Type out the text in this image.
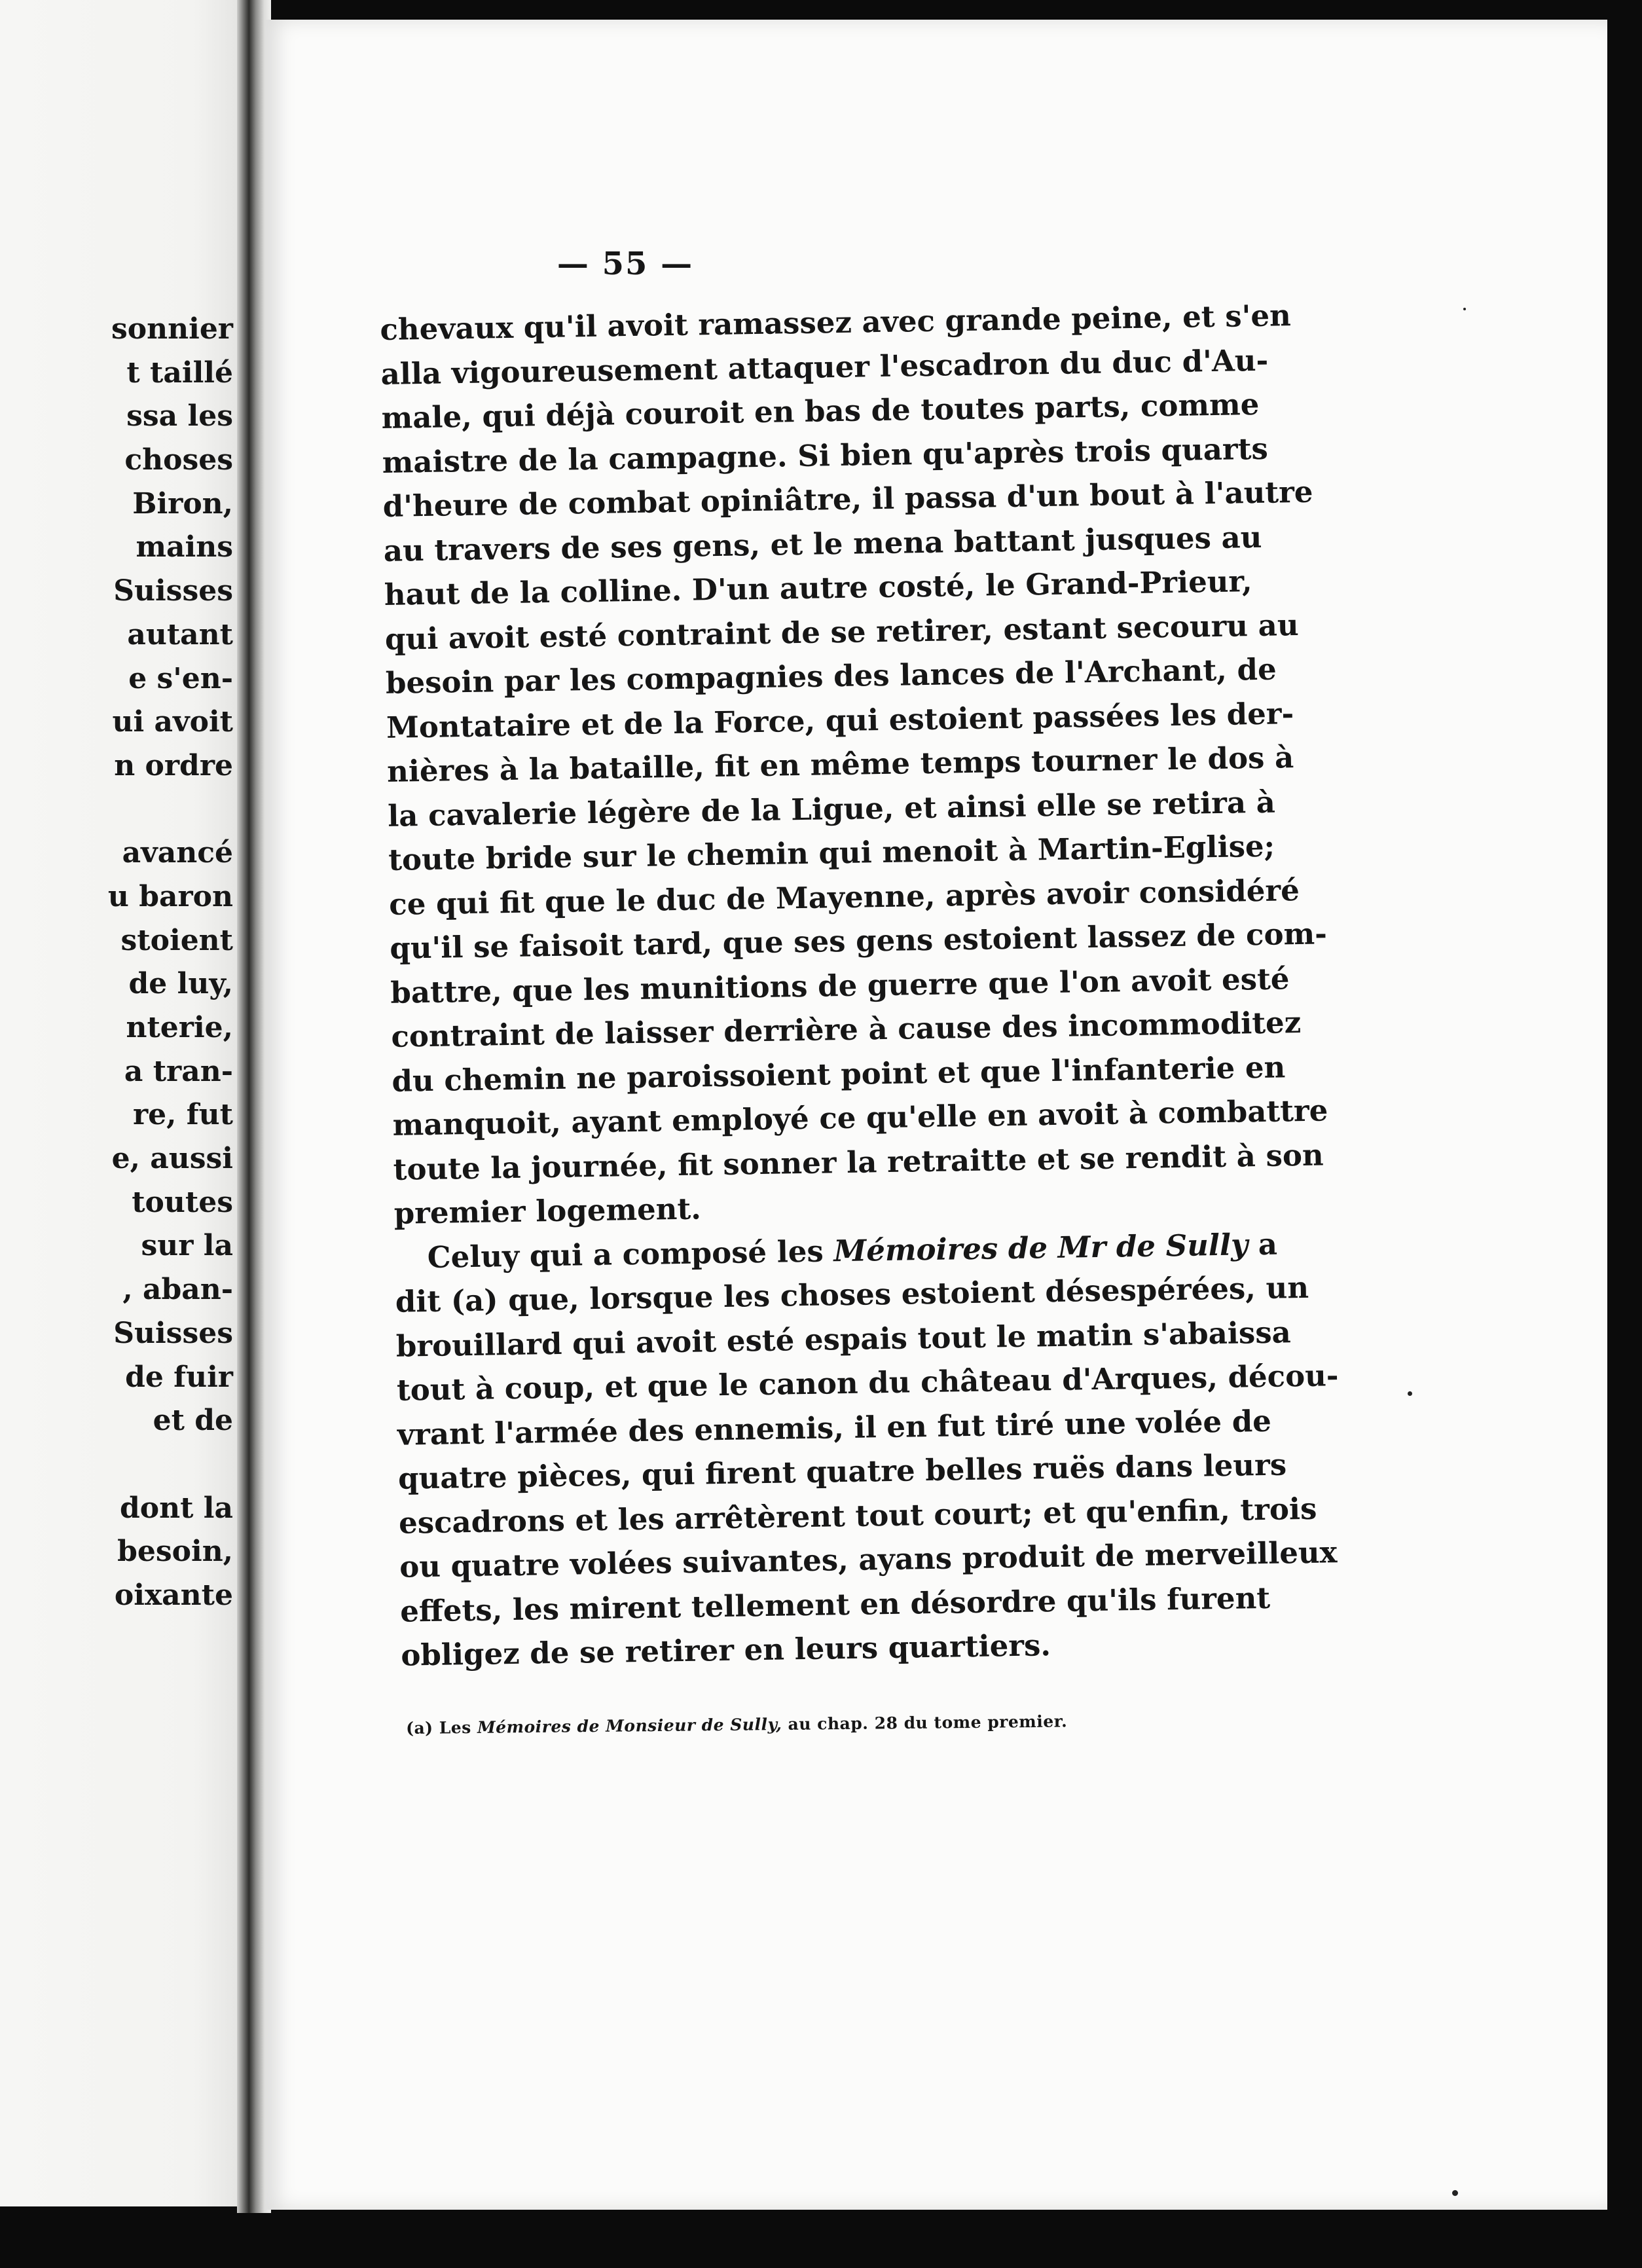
sonnier
t taillé
ssa les
choses
Biron,
mains
Suisses
autant
e s'en-
ui avoit
n ordre
avancé
u baron
stoient
de luy,
nterie,
a tran-
re, fut
e, aussi
toutes
sur la
, aban-
Suisses
de fuir
et de
dont la
besoin,
oixante
— 55 —
chevaux qu'il avoit ramassez avec grande peine, et s'en
alla vigoureusement attaquer l'escadron du duc d'Au-
male, qui déjà couroit en bas de toutes parts, comme
maistre de la campagne. Si bien qu'après trois quarts
d'heure de combat opiniâtre, il passa d'un bout à l'autre
au travers de ses gens, et le mena battant jusques au
haut de la colline. D'un autre costé, le Grand-Prieur,
qui avoit esté contraint de se retirer, estant secouru au
besoin par les compagnies des lances de l'Archant, de
Montataire et de la Force, qui estoient passées les der-
nières à la bataille, fit en même temps tourner le dos à
la cavalerie légère de la Ligue, et ainsi elle se retira à
toute bride sur le chemin qui menoit à Martin-Eglise;
ce qui fit que le duc de Mayenne, après avoir considéré
qu'il se faisoit tard, que ses gens estoient lassez de com-
battre, que les munitions de guerre que l'on avoit esté
contraint de laisser derrière à cause des incommoditez
du chemin ne paroissoient point et que l'infanterie en
manquoit, ayant employé ce qu'elle en avoit à combattre
toute la journée, fit sonner la retraitte et se rendit à son
premier logement.
Celuy qui a composé les Mémoires de Mr de Sully a
dit (a) que, lorsque les choses estoient désespérées, un
brouillard qui avoit esté espais tout le matin s'abaissa
tout à coup, et que le canon du château d'Arques, décou-
vrant l'armée des ennemis, il en fut tiré une volée de
quatre pièces, qui firent quatre belles ruës dans leurs
escadrons et les arrêtèrent tout court; et qu'enfin, trois
ou quatre volées suivantes, ayans produit de merveilleux
effets, les mirent tellement en désordre qu'ils furent
obligez de se retirer en leurs quartiers.
(a) Les Mémoires de Monsieur de Sully, au chap. 28 du tome premier.
